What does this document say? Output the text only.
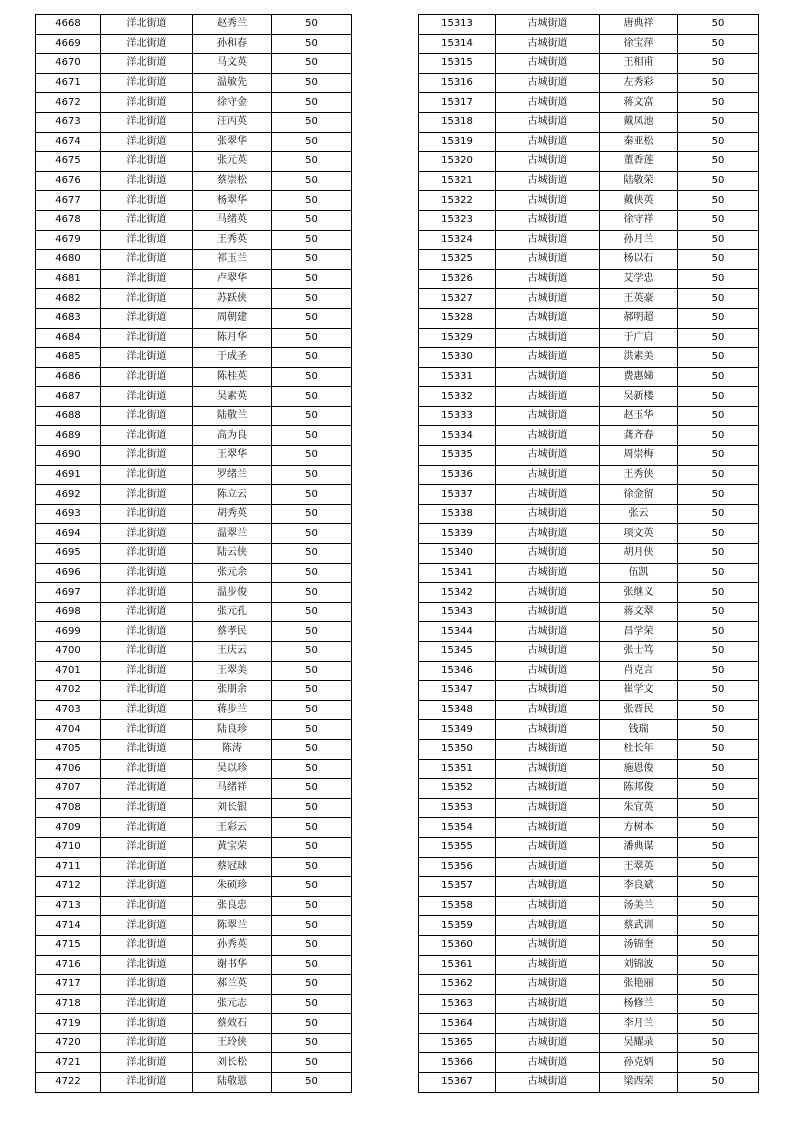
4668	洋北街道	赵秀兰	50
4669	洋北街道	孙和春	50
4670	洋北街道	马文英	50
4671	洋北街道	温敏先	50
4672	洋北街道	徐守金	50
4673	洋北街道	汪丙英	50
4674	洋北街道	张翠华	50
4675	洋北街道	张元英	50
4676	洋北街道	蔡崇松	50
4677	洋北街道	杨翠华	50
4678	洋北街道	马绪英	50
4679	洋北街道	王秀英	50
4680	洋北街道	祁玉兰	50
4681	洋北街道	卢翠华	50
4682	洋北街道	苏跃侠	50
4683	洋北街道	周朝建	50
4684	洋北街道	陈月华	50
4685	洋北街道	于成圣	50
4686	洋北街道	陈桂英	50
4687	洋北街道	吴素英	50
4688	洋北街道	陆敬兰	50
4689	洋北街道	高为良	50
4690	洋北街道	王翠华	50
4691	洋北街道	罗绪兰	50
4692	洋北街道	陈立云	50
4693	洋北街道	胡秀英	50
4694	洋北街道	温翠兰	50
4695	洋北街道	陆云侠	50
4696	洋北街道	张元余	50
4697	洋北街道	温步俊	50
4698	洋北街道	张元孔	50
4699	洋北街道	蔡孝民	50
4700	洋北街道	王庆云	50
4701	洋北街道	王翠美	50
4702	洋北街道	张朋余	50
4703	洋北街道	蒋步兰	50
4704	洋北街道	陆良珍	50
4705	洋北街道	陈涛	50
4706	洋北街道	吴以珍	50
4707	洋北街道	马绪祥	50
4708	洋北街道	刘长银	50
4709	洋北街道	王彩云	50
4710	洋北街道	黄宝荣	50
4711	洋北街道	蔡冠球	50
4712	洋北街道	朱硕珍	50
4713	洋北街道	张良忠	50
4714	洋北街道	陈翠兰	50
4715	洋北街道	孙秀英	50
4716	洋北街道	谢书华	50
4717	洋北街道	郝兰英	50
4718	洋北街道	张元志	50
4719	洋北街道	蔡效石	50
4720	洋北街道	王玲侠	50
4721	洋北街道	刘长松	50
4722	洋北街道	陆敬恩	50
15313	古城街道	唐典祥	50
15314	古城街道	徐宝萍	50
15315	古城街道	王相甫	50
15316	古城街道	左秀彩	50
15317	古城街道	蒋文富	50
15318	古城街道	戴凤池	50
15319	古城街道	秦亚松	50
15320	古城街道	董香莲	50
15321	古城街道	陆敬荣	50
15322	古城街道	戴侠英	50
15323	古城街道	徐守祥	50
15324	古城街道	孙月兰	50
15325	古城街道	杨以石	50
15326	古城街道	艾学忠	50
15327	古城街道	王英豪	50
15328	古城街道	郝明超	50
15329	古城街道	于广启	50
15330	古城街道	洪素美	50
15331	古城街道	费惠娣	50
15332	古城街道	吴新楼	50
15333	古城街道	赵玉华	50
15334	古城街道	龚齐春	50
15335	古城街道	周崇梅	50
15336	古城街道	王秀侠	50
15337	古城街道	徐金留	50
15338	古城街道	张云	50
15339	古城街道	项文英	50
15340	古城街道	胡月侠	50
15341	古城街道	伍凯	50
15342	古城街道	张继义	50
15343	古城街道	蒋文翠	50
15344	古城街道	昌学荣	50
15345	古城街道	张士笃	50
15346	古城街道	肖克言	50
15347	古城街道	崔学文	50
15348	古城街道	张晋民	50
15349	古城街道	钱瑞	50
15350	古城街道	杜长年	50
15351	古城街道	施恩俊	50
15352	古城街道	陈邦俊	50
15353	古城街道	朱宜英	50
15354	古城街道	方树本	50
15355	古城街道	潘典谋	50
15356	古城街道	王翠英	50
15357	古城街道	李良斌	50
15358	古城街道	汤美兰	50
15359	古城街道	蔡武训	50
15360	古城街道	汤锦奎	50
15361	古城街道	刘锦波	50
15362	古城街道	张艳丽	50
15363	古城街道	杨修兰	50
15364	古城街道	李月兰	50
15365	古城街道	吴耀录	50
15366	古城街道	孙克炳	50
15367	古城街道	梁西荣	50
